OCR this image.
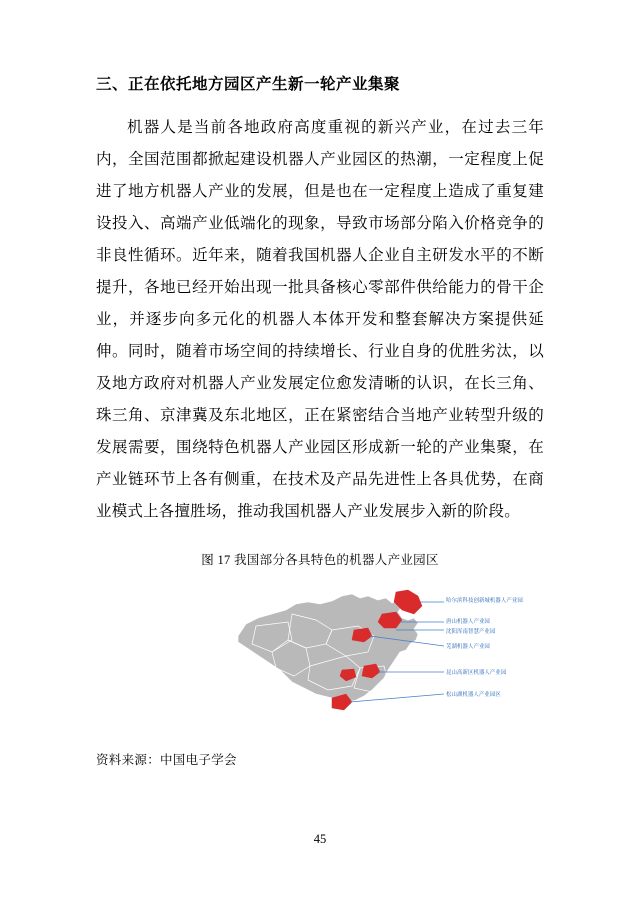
三、正在依托地方园区产生新一轮产业集聚

机器人是当前各地政府高度重视的新兴产业，在过去三年内，全国范围都掀起建设机器人产业园区的热潮，一定程度上促进了地方机器人产业的发展，但是也在一定程度上造成了重复建设投入、高端产业低端化的现象，导致市场部分陷入价格竞争的非良性循环。近年来，随着我国机器人企业自主研发水平的不断提升，各地已经开始出现一批具备核心零部件供给能力的骨干企业，并逐步向多元化的机器人本体开发和整套解决方案提供延伸。同时，随着市场空间的持续增长、行业自身的优胜劣汰，以及地方政府对机器人产业发展定位愈发清晰的认识，在长三角、珠三角、京津冀及东北地区，正在紧密结合当地产业转型升级的发展需要，围绕特色机器人产业园区形成新一轮的产业集聚，在产业链环节上各有侧重，在技术及产品先进性上各具优势，在商业模式上各擅胜场，推动我国机器人产业发展步入新的阶段。

图 17 我国部分各具特色的机器人产业园区
哈尔滨科技创新城机器人产业园
唐山机器人产业园
沈阳浑南智慧产业园
芜湖机器人产业园
昆山高新区机器人产业园
松山湖机器人产业园区
资料来源：中国电子学会
45
